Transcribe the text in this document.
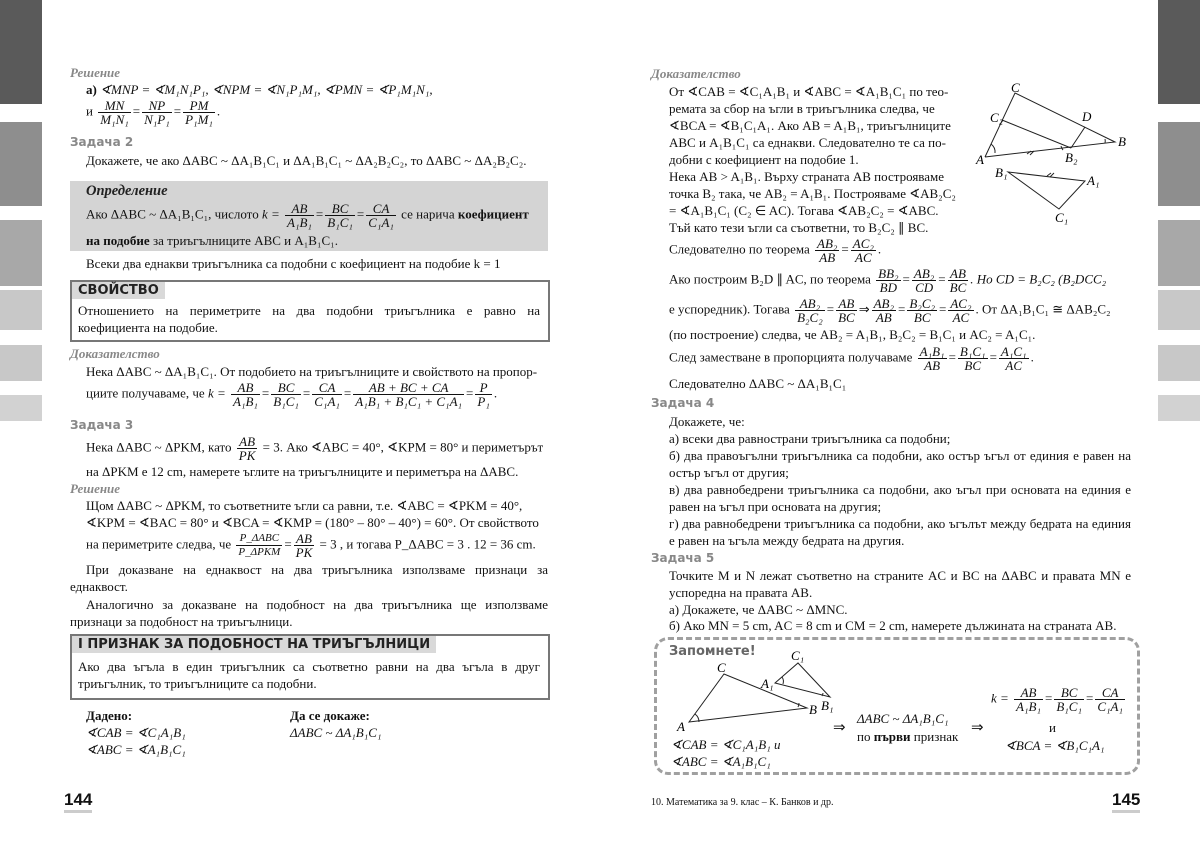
Решение
а) ∢MNP = ∢M₁N₁P₁, ∢NPM = ∢N₁P₁M₁, ∢PMN = ∢P₁M₁N₁,
и $\frac{MN}{\text{M₁N₁}} = \frac{NP}{\text{N₁P₁}} = \frac{PM}{\text{P₁M₁}}$ .
Задача 2
Докажете, че ако ΔABC ~ ΔA₁B₁C₁ и ΔA₁B₁C₁ ~ ΔA₂B₂C₂, то ΔABC ~ ΔA₂B₂C₂.
Определение
Ако ΔABC ~ ΔA₁B₁C₁, числото $k = \frac{AB}{\text{A₁B₁}} = \frac{BC}{\text{B₁C₁}} = \frac{CA}{\text{C₁A₁}}$ се нарича коефициент
на подобие за триъгълниците ABC и A₁B₁C₁.
Всеки два еднакви триъгълника са подобни с коефициент на подобие k = 1
СВОЙСТВО
Отношението на периметрите на два подобни триъгълника е равно на коефициента на подобие.
Доказателство
Нека ΔABC ~ ΔA₁B₁C₁. От подобието на триъгълниците и свойството на пропор-
циите получаваме, че $k = \frac{AB}{\text{A₁B₁}} = \frac{BC}{\text{B₁C₁}} = \frac{CA}{\text{C₁A₁}} = \frac{AB + BC + CA}{\text{A₁B₁ + B₁C₁ + C₁A₁}} = \frac{P}{\text{P₁}}$ .
Задача 3
Нека ΔABC ~ ΔPKM, като $\frac{AB}{PK} = 3$. Ако ∢ABC = 40°, ∢KPM = 80° и периметърът
на ΔPKM е 12 cm, намерете ъглите на триъгълниците и периметъра на ΔABC.
Решение
Щом ΔABC ~ ΔPKM, то съответните ъгли са равни, т.е. ∢ABC = ∢PKM = 40°,
∢KPM = ∢BAC = 80° и ∢BCA = ∢KMP = (180° – 80° – 40°) = 60°. От свойството
на периметрите следва, че P_ΔABC
P_ΔPKM
= $\frac{AB}{PK} = 3$ , и тогава P_ΔABC = 3 . 12 = 36 cm.
При доказване на еднаквост на два триъгълника използваме признаци за еднаквост.
Аналогично за доказване на подобност на два триъгълника ще използваме признаци за подобност на триъгълници.
I ПРИЗНАК ЗА ПОДОБНОСТ НА ТРИЪГЪЛНИЦИ
Ако два ъгъла в един триъгълник са съответно равни на два ъгъла в друг триъгълник, то триъгълниците са подобни.
Дадено:
∢CAB = ∢C₁A₁B₁
∢ABC = ∢A₁B₁C₁
Да се докаже:
ΔABC ~ ΔA₁B₁C₁
144
Доказателство
От ∢CAB = ∢C₁A₁B₁ и ∢ABC = ∢A₁B₁C₁ по тео-
ремата за сбор на ъгли в триъгълника следва, че
∢BCA = ∢B₁C₁A₁. Ако AB = A₁B₁, триъгълниците
ABC и A₁B₁C₁ са еднакви. Следователно те са по-
добни с коефициент на подобие 1.
Нека AB > A₁B₁. Върху страната AB построяваме
точка B₂ така, че AB₂ = A₁B₁. Построяваме ∢AB₂C₂
= ∢A₁B₁C₁ (C₂ ∈ AC). Тогава ∢AB₂C₂ = ∢ABC.
Тъй като тези ъгли са съответни, то B₂C₂ ∥ BC.
C
C₂	D
B
A	B₂
B₁
A₁
C₁
Следователно по теорема $\frac{\text{AB₂}}{AB} = \frac{\text{AC₂}}{AC}$ .
Ако построим B₂D ∥ AC, по теорема $\frac{\text{BB₂}}{BD} = \frac{\text{AB₂}}{CD} = \frac{AB}{BC}$ . Но CD = B₂C₂ (B₂DCC₂
е успоредник). Тогава $\frac{\text{AB₂}}{\text{B₂C₂}} = \frac{AB}{BC}$ ⇒ $\frac{\text{AB₂}}{AB} = \frac{\text{B₂C₂}}{BC} = \frac{\text{AC₂}}{AC}$ . От ΔA₁B₁C₁ ≅ ΔAB₂C₂
(по построение) следва, че AB₂ = A₁B₁, B₂C₂ = B₁C₁ и AC₂ = A₁C₁.
След заместване в пропорцията получаваме $\frac{\text{A₁B₁}}{AB} = \frac{\text{B₁C₁}}{BC} = \frac{\text{A₁C₁}}{AC}$ .
Следователно ΔABC ~ ΔA₁B₁C₁
Задача 4
Докажете, че:
а) всеки два равнострани триъгълника са подобни;
б) два правоъгълни триъгълника са подобни, ако остър ъгъл от единия е равен на остър ъгъл от другия;
в) два равнобедрени триъгълника са подобни, ако ъгъл при основата на единия е равен на ъгъл при основата на другия;
г) два равнобедрени триъгълника са подобни, ако ъгълът между бедрата на единия е равен на ъгъла между бедрата на другия.
Задача 5
Точките M и N лежат съответно на страните AC и BC на ΔABC и правата MN е успоредна на правата AB.
а) Докажете, че ΔABC ~ ΔMNC.
б) Ако MN = 5 cm, AC = 8 cm и CM = 2 cm, намерете дължината на страната AB.
Запомнете!
C
A
B
C₁
A₁
B₁
∢CAB = ∢C₁A₁B₁ и
∢ABC = ∢A₁B₁C₁
⇒
ΔABC ~ ΔA₁B₁C₁
по първи признак
⇒
$k = \frac{AB}{\text{A₁B₁}} = \frac{BC}{\text{B₁C₁}} = \frac{CA}{\text{C₁A₁}}$
и
∢BCA = ∢B₁C₁A₁
10. Математика за 9. клас – К. Банков и др.	145
